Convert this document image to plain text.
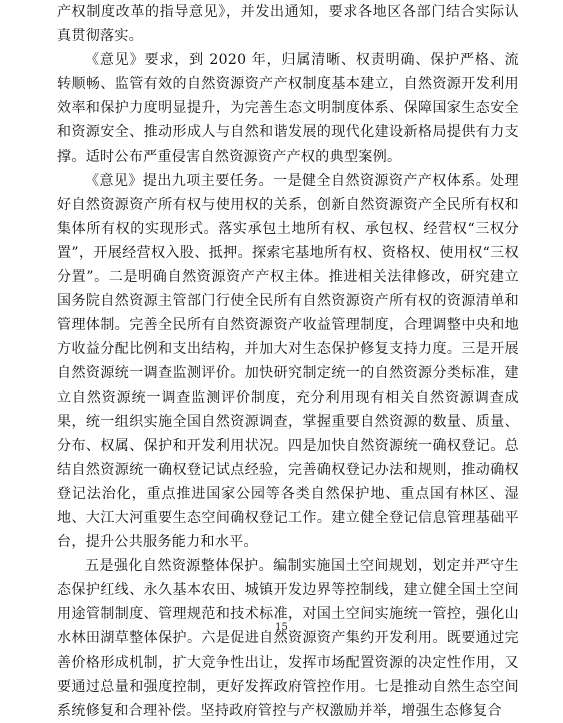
产权制度改革的指导意见》，并发出通知，要求各地区各部门结合实际认真贯彻落实。

《意见》要求，到 2020 年，归属清晰、权责明确、保护严格、流转顺畅、监管有效的自然资源资产产权制度基本建立，自然资源开发利用效率和保护力度明显提升，为完善生态文明制度体系、保障国家生态安全和资源安全、推动形成人与自然和谐发展的现代化建设新格局提供有力支撑。适时公布严重侵害自然资源资产产权的典型案例。

《意见》提出九项主要任务。一是健全自然资源资产产权体系。处理好自然资源资产所有权与使用权的关系，创新自然资源资产全民所有权和集体所有权的实现形式。落实承包土地所有权、承包权、经营权“三权分置”，开展经营权入股、抵押。探索宅基地所有权、资格权、使用权“三权分置”。二是明确自然资源资产产权主体。推进相关法律修改，研究建立国务院自然资源主管部门行使全民所有自然资源资产所有权的资源清单和管理体制。完善全民所有自然资源资产收益管理制度，合理调整中央和地方收益分配比例和支出结构，并加大对生态保护修复支持力度。三是开展自然资源统一调查监测评价。加快研究制定统一的自然资源分类标准，建立自然资源统一调查监测评价制度，充分利用现有相关自然资源调查成果，统一组织实施全国自然资源调查，掌握重要自然资源的数量、质量、分布、权属、保护和开发利用状况。四是加快自然资源统一确权登记。总结自然资源统一确权登记试点经验，完善确权登记办法和规则，推动确权登记法治化，重点推进国家公园等各类自然保护地、重点国有林区、湿地、大江大河重要生态空间确权登记工作。建立健全登记信息管理基础平台，提升公共服务能力和水平。

五是强化自然资源整体保护。编制实施国土空间规划，划定并严守生态保护红线、永久基本农田、城镇开发边界等控制线，建立健全国土空间用途管制制度、管理规范和技术标准，对国土空间实施统一管控，强化山水林田湖草整体保护。六是促进自然资源资产集约开发利用。既要通过完善价格形成机制，扩大竞争性出让，发挥市场配置资源的决定性作用，又要通过总量和强度控制，更好发挥政府管控作用。七是推动自然生态空间系统修复和合理补偿。坚持政府管控与产权激励并举，增强生态修复合

15
